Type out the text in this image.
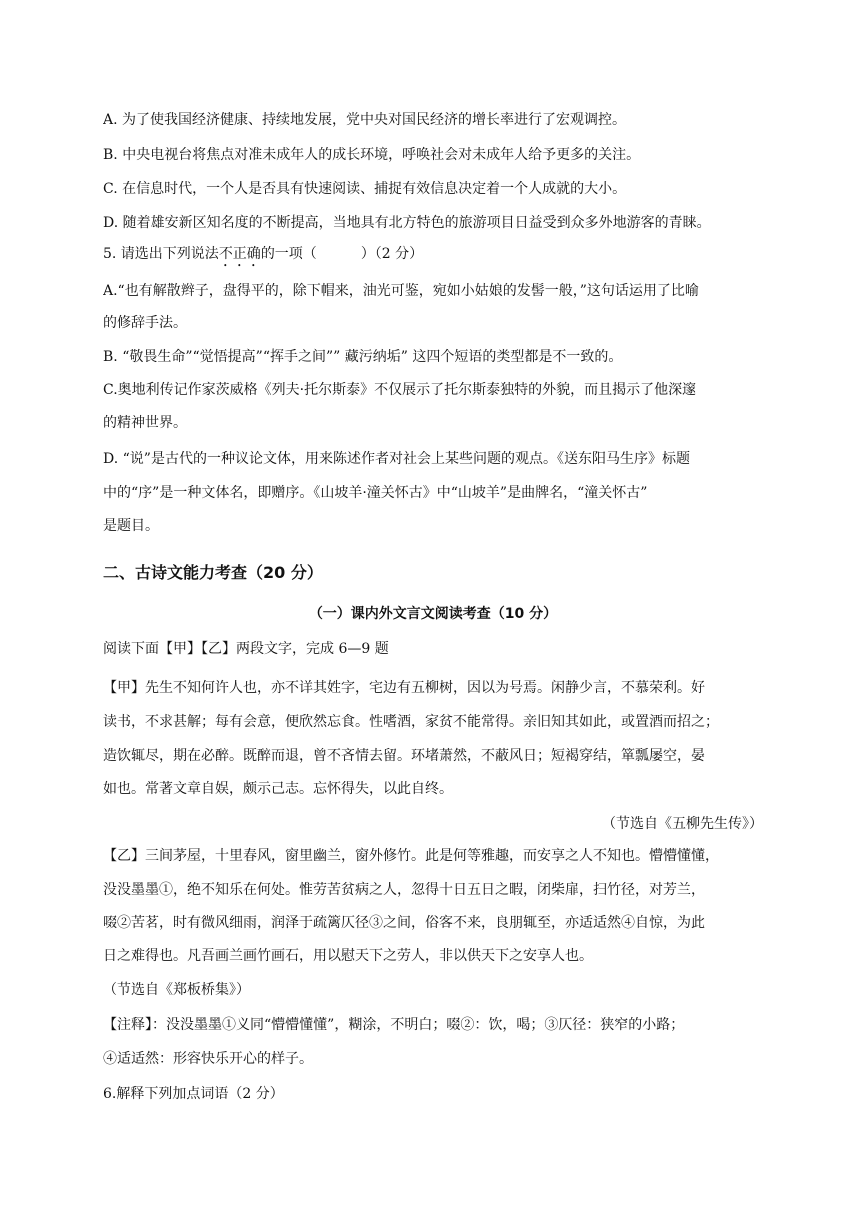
A. 为了使我国经济健康、持续地发展，党中央对国民经济的增长率进行了宏观调控。
B. 中央电视台将焦点对准未成年人的成长环境，呼唤社会对未成年人给予更多的关注。
C. 在信息时代，一个人是否具有快速阅读、捕捉有效信息决定着一个人成就的大小。
D. 随着雄安新区知名度的不断提高，当地具有北方特色的旅游项目日益受到众多外地游客的青睐。
5. 请选出下列说法不正确的一项（	）（2 分）
A.“也有解散辫子，盘得平的，除下帽来，油光可鉴，宛如小姑娘的发髻一般，”这句话运用了比喻
的修辞手法。
B. “敬畏生命”“觉悟提高”“挥手之间”” 藏污纳垢” 这四个短语的类型都是不一致的。
C.奥地利传记作家茨威格《列夫·托尔斯泰》不仅展示了托尔斯泰独特的外貌，而且揭示了他深邃
的精神世界。
D. “说”是古代的一种议论文体，用来陈述作者对社会上某些问题的观点。《送东阳马生序》标题
中的“序”是一种文体名，即赠序。《山坡羊·潼关怀古》中“山坡羊”是曲牌名，“潼关怀古”
是题目。
二、古诗文能力考查（20 分）
（一）课内外文言文阅读考查（10 分）
阅读下面【甲】【乙】两段文字，完成 6—9 题
【甲】先生不知何许人也，亦不详其姓字，宅边有五柳树，因以为号焉。闲静少言，不慕荣利。好
读书，不求甚解；每有会意，便欣然忘食。性嗜酒，家贫不能常得。亲旧知其如此，或置酒而招之；
造饮辄尽，期在必醉。既醉而退，曾不吝情去留。环堵萧然，不蔽风日；短褐穿结，箪瓢屡空，晏
如也。常著文章自娱，颇示己志。忘怀得失，以此自终。
（节选自《五柳先生传》）
【乙】三间茅屋，十里春风，窗里幽兰，窗外修竹。此是何等雅趣，而安享之人不知也。懵懵懂懂，
没没墨墨①，绝不知乐在何处。惟劳苦贫病之人，忽得十日五日之暇，闭柴扉，扫竹径，对芳兰，
啜②苦茗，时有微风细雨，润泽于疏篱仄径③之间，俗客不来，良朋辄至，亦适适然④自惊，为此
日之难得也。凡吾画兰画竹画石，用以慰天下之劳人，非以供天下之安享人也。
（节选自《郑板桥集》）
【注释】：没没墨墨①义同“懵懵懂懂”，糊涂，不明白；啜②：饮，喝；③仄径：狭窄的小路；
④适适然：形容快乐开心的样子。
6.解释下列加点词语（2 分）
